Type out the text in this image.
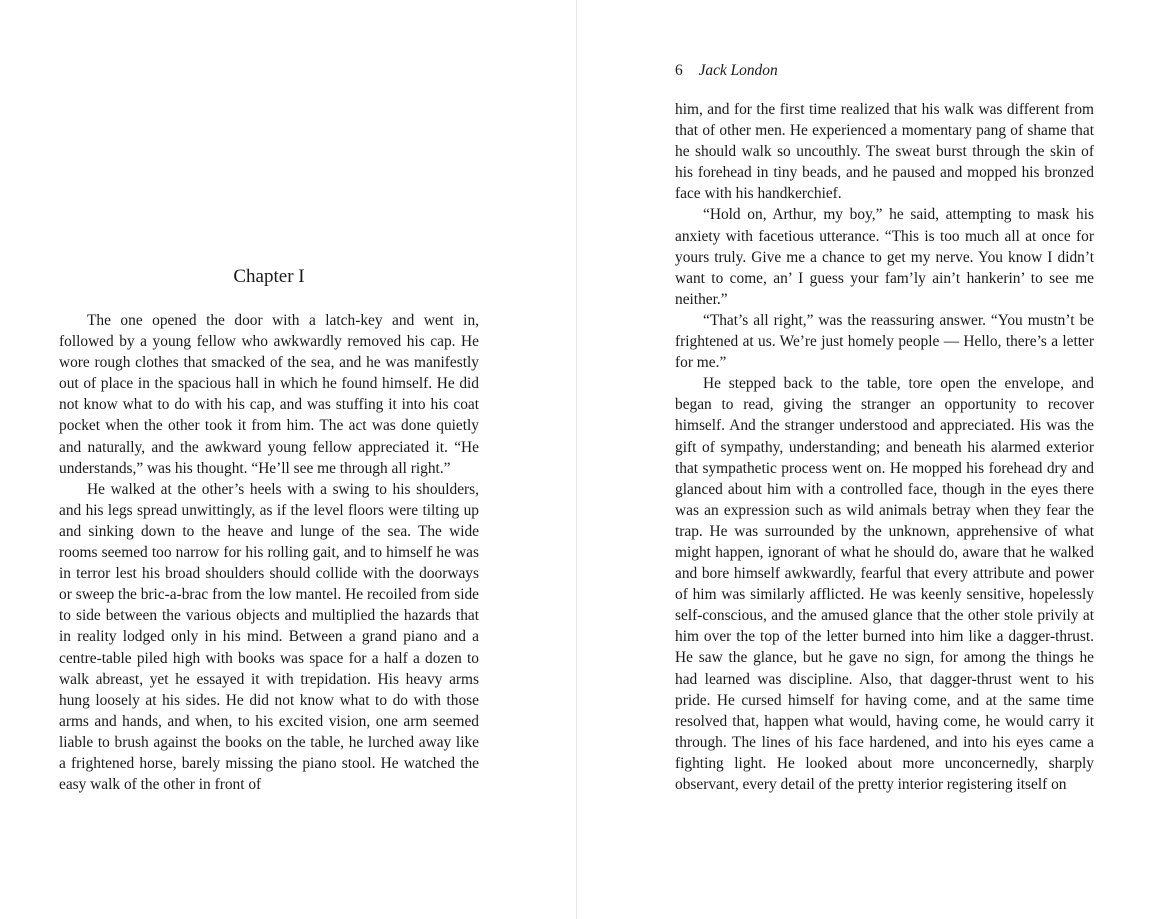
Chapter I

The one opened the door with a latch-key and went in, followed by a young fellow who awkwardly removed his cap. He wore rough clothes that smacked of the sea, and he was manifestly out of place in the spacious hall in which he found himself. He did not know what to do with his cap, and was stuffing it into his coat pocket when the other took it from him. The act was done quietly and naturally, and the awkward young fellow appreciated it. “He understands,” was his thought. “He’ll see me through all right.”

He walked at the other’s heels with a swing to his shoulders, and his legs spread unwittingly, as if the level floors were tilting up and sinking down to the heave and lunge of the sea. The wide rooms seemed too narrow for his rolling gait, and to himself he was in terror lest his broad shoulders should collide with the doorways or sweep the bric-a-brac from the low mantel. He recoiled from side to side between the various objects and multiplied the hazards that in reality lodged only in his mind. Between a grand piano and a centre-table piled high with books was space for a half a dozen to walk abreast, yet he essayed it with trepidation. His heavy arms hung loosely at his sides. He did not know what to do with those arms and hands, and when, to his excited vision, one arm seemed liable to brush against the books on the table, he lurched away like a frightened horse, barely missing the piano stool. He watched the easy walk of the other in front of

6 Jack London

him, and for the first time realized that his walk was different from that of other men. He experienced a momentary pang of shame that he should walk so uncouthly. The sweat burst through the skin of his forehead in tiny beads, and he paused and mopped his bronzed face with his handkerchief.

“Hold on, Arthur, my boy,” he said, attempting to mask his anxiety with facetious utterance. “This is too much all at once for yours truly. Give me a chance to get my nerve. You know I didn’t want to come, an’ I guess your fam’ly ain’t hankerin’ to see me neither.”

“That’s all right,” was the reassuring answer. “You mustn’t be frightened at us. We’re just homely people — Hello, there’s a letter for me.”

He stepped back to the table, tore open the envelope, and began to read, giving the stranger an opportunity to recover himself. And the stranger understood and appreciated. His was the gift of sympathy, understanding; and beneath his alarmed exterior that sympathetic process went on. He mopped his forehead dry and glanced about him with a controlled face, though in the eyes there was an expression such as wild animals betray when they fear the trap. He was surrounded by the unknown, apprehensive of what might happen, ignorant of what he should do, aware that he walked and bore himself awkwardly, fearful that every attribute and power of him was similarly afflicted. He was keenly sensitive, hopelessly self-conscious, and the amused glance that the other stole privily at him over the top of the letter burned into him like a dagger-thrust. He saw the glance, but he gave no sign, for among the things he had learned was discipline. Also, that dagger-thrust went to his pride. He cursed himself for having come, and at the same time resolved that, happen what would, having come, he would carry it through. The lines of his face hardened, and into his eyes came a fighting light. He looked about more unconcernedly, sharply observant, every detail of the pretty interior registering itself on
